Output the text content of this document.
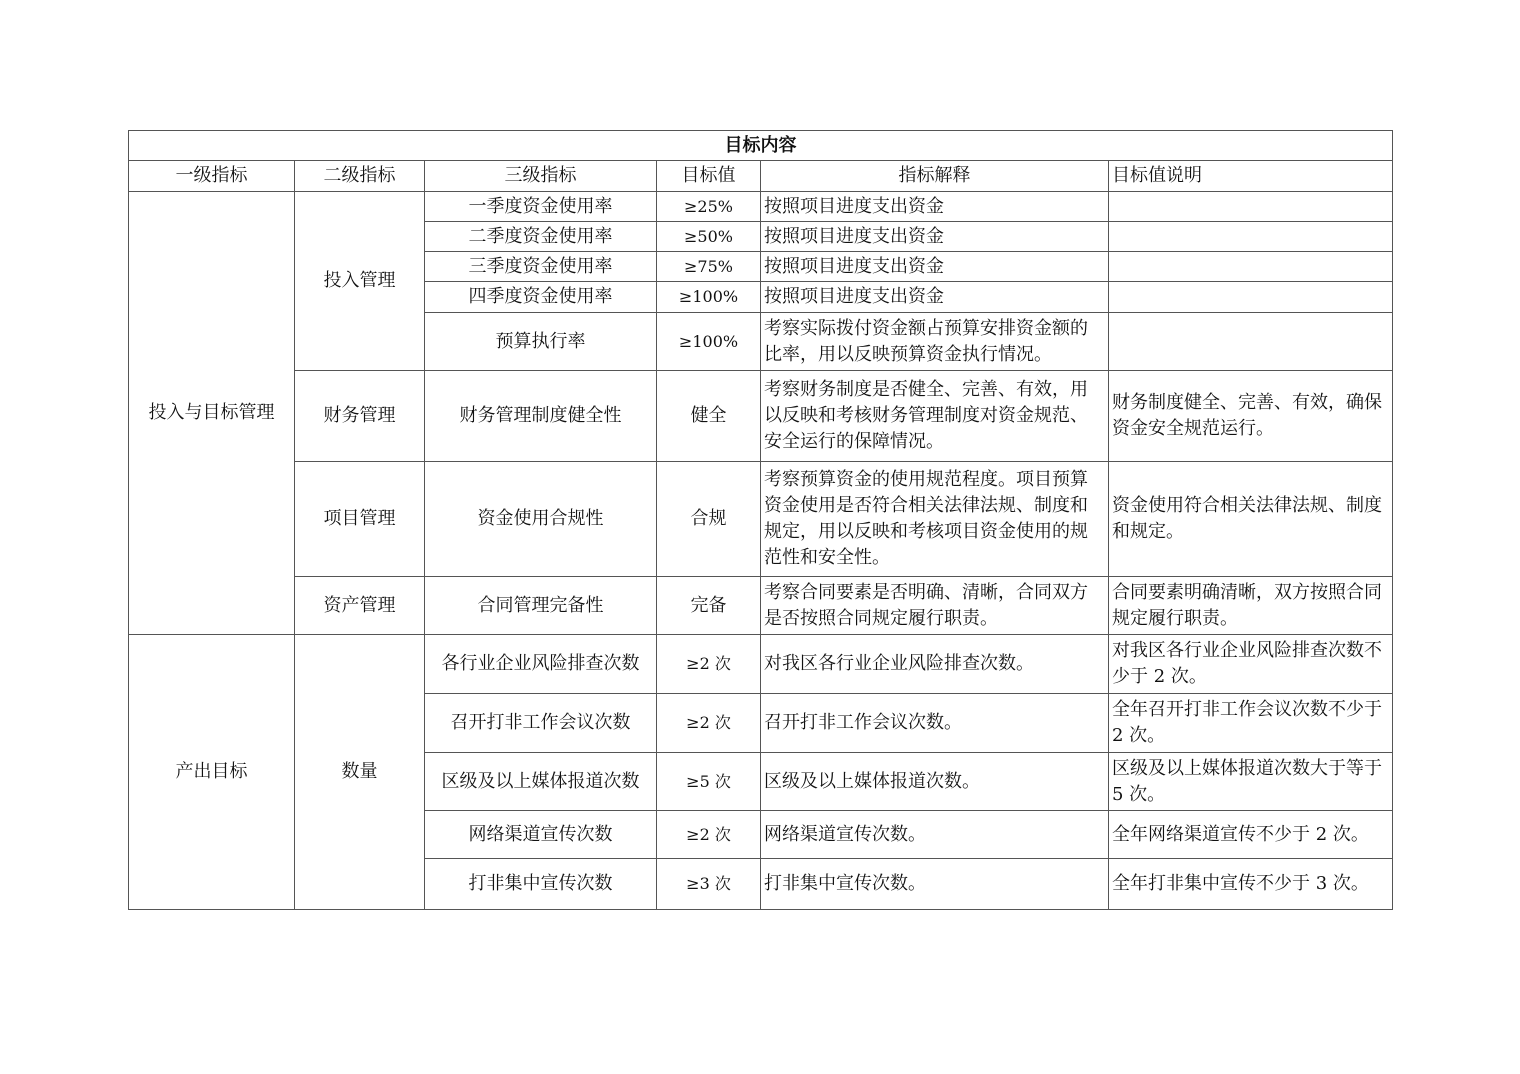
目标内容					
一级指标	二级指标	三级指标	目标值	指标解释	目标值说明
投入与目标管理	投入管理	一季度资金使用率	≥25%	按照项目进度支出资金	
		二季度资金使用率	≥50%	按照项目进度支出资金	
		三季度资金使用率	≥75%	按照项目进度支出资金	
		四季度资金使用率	≥100%	按照项目进度支出资金	
		预算执行率	≥100%	考察实际拨付资金额占预算安排资金额的比率，用以反映预算资金执行情况。	
	财务管理	财务管理制度健全性	健全	考察财务制度是否健全、完善、有效，用以反映和考核财务管理制度对资金规范、安全运行的保障情况。	财务制度健全、完善、有效，确保资金安全规范运行。
	项目管理	资金使用合规性	合规	考察预算资金的使用规范程度。项目预算资金使用是否符合相关法律法规、制度和规定，用以反映和考核项目资金使用的规范性和安全性。	资金使用符合相关法律法规、制度和规定。
	资产管理	合同管理完备性	完备	考察合同要素是否明确、清晰，合同双方是否按照合同规定履行职责。	合同要素明确清晰，双方按照合同规定履行职责。
产出目标	数量	各行业企业风险排查次数	≥2 次	对我区各行业企业风险排查次数。	对我区各行业企业风险排查次数不少于 2 次。
		召开打非工作会议次数	≥2 次	召开打非工作会议次数。	全年召开打非工作会议次数不少于 2 次。
		区级及以上媒体报道次数	≥5 次	区级及以上媒体报道次数。	区级及以上媒体报道次数大于等于 5 次。
		网络渠道宣传次数	≥2 次	网络渠道宣传次数。	全年网络渠道宣传不少于 2 次。
		打非集中宣传次数	≥3 次	打非集中宣传次数。	全年打非集中宣传不少于 3 次。
